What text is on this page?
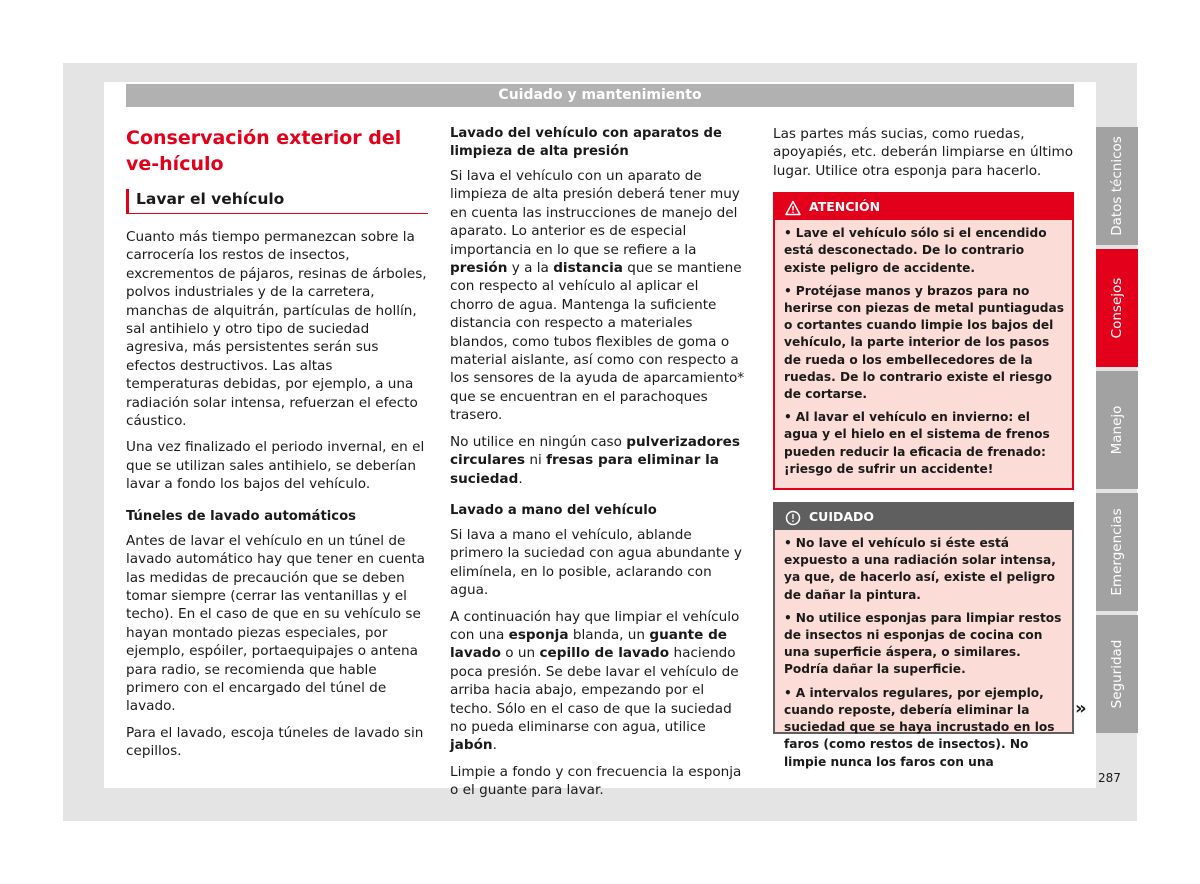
Cuidado y mantenimiento
Conservación exterior del ve-hículo
Lavar el vehículo

Cuanto más tiempo permanezcan sobre la carrocería los restos de insectos, excrementos de pájaros, resinas de árboles, polvos industriales y de la carretera, manchas de alquitrán, partículas de hollín, sal antihielo y otro tipo de suciedad agresiva, más persistentes serán sus efectos destructivos. Las altas temperaturas debidas, por ejemplo, a una radiación solar intensa, refuerzan el efecto cáustico.

Una vez finalizado el periodo invernal, en el que se utilizan sales antihielo, se deberían lavar a fondo los bajos del vehículo.

Túneles de lavado automáticos

Antes de lavar el vehículo en un túnel de lavado automático hay que tener en cuenta las medidas de precaución que se deben tomar siempre (cerrar las ventanillas y el techo). En el caso de que en su vehículo se hayan montado piezas especiales, por ejemplo, espóiler, portaequipajes o antena para radio, se recomienda que hable primero con el encargado del túnel de lavado.

Para el lavado, escoja túneles de lavado sin cepillos.

Lavado del vehículo con aparatos de limpieza de alta presión

Si lava el vehículo con un aparato de limpieza de alta presión deberá tener muy en cuenta las instrucciones de manejo del aparato. Lo anterior es de especial importancia en lo que se refiere a la presión y a la distancia que se mantiene con respecto al vehículo al aplicar el chorro de agua. Mantenga la suficiente distancia con respecto a materiales blandos, como tubos flexibles de goma o material aislante, así como con respecto a los sensores de la ayuda de aparcamiento* que se encuentran en el parachoques trasero.

No utilice en ningún caso pulverizadores circulares ni fresas para eliminar la suciedad.

Lavado a mano del vehículo

Si lava a mano el vehículo, ablande primero la suciedad con agua abundante y elimínela, en lo posible, aclarando con agua.

A continuación hay que limpiar el vehículo con una esponja blanda, un guante de lavado o un cepillo de lavado haciendo poca presión. Se debe lavar el vehículo de arriba hacia abajo, empezando por el techo. Sólo en el caso de que la suciedad no pueda eliminarse con agua, utilice jabón.

Limpie a fondo y con frecuencia la esponja o el guante para lavar.

Las partes más sucias, como ruedas, apoyapiés, etc. deberán limpiarse en último lugar. Utilice otra esponja para hacerlo.

ATENCIÓN
• Lave el vehículo sólo si el encendido está desconectado. De lo contrario existe peligro de accidente.
• Protéjase manos y brazos para no herirse con piezas de metal puntiagudas o cortantes cuando limpie los bajos del vehículo, la parte interior de los pasos de rueda o los embellecedores de la ruedas. De lo contrario existe el riesgo de cortarse.
• Al lavar el vehículo en invierno: el agua y el hielo en el sistema de frenos pueden reducir la eficacia de frenado: ¡riesgo de sufrir un accidente!
CUIDADO
• No lave el vehículo si éste está expuesto a una radiación solar intensa, ya que, de hacerlo así, existe el peligro de dañar la pintura.
• No utilice esponjas para limpiar restos de insectos ni esponjas de cocina con una superficie áspera, o similares. Podría dañar la superficie.
• A intervalos regulares, por ejemplo, cuando reposte, debería eliminar la suciedad que se haya incrustado en los faros (como restos de insectos). No limpie nunca los faros con una
»
Datos técnicos
Consejos
Manejo
Emergencias
Seguridad
287
